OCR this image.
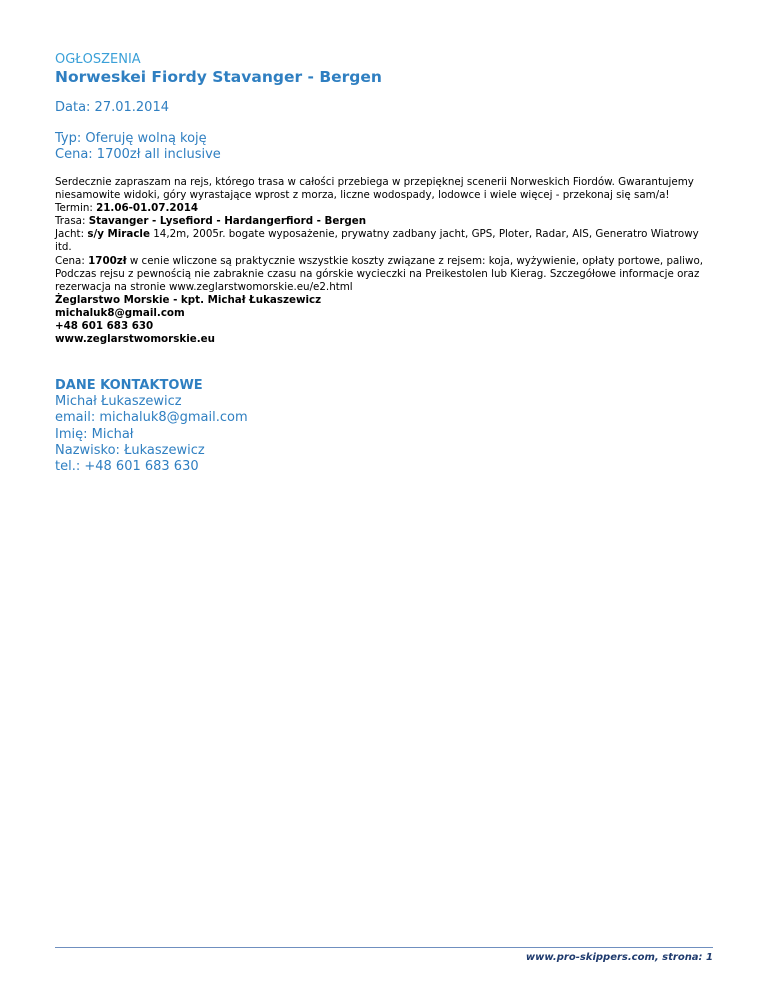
OGŁOSZENIA
Norweskei Fiordy Stavanger - Bergen
Data: 27.01.2014
Typ: Oferuję wolną koję
Cena: 1700zł all inclusive

Serdecznie zapraszam na rejs, którego trasa w całości przebiega w przepięknej scenerii Norweskich Fiordów. Gwarantujemy niesamowite widoki, góry wyrastające wprost z morza, liczne wodospady, lodowce i wiele więcej - przekonaj się sam/a!

Termin: 21.06-01.07.2014

Trasa: Stavanger - Lysefiord - Hardangerfiord - Bergen

Jacht: s/y Miracle 14,2m, 2005r. bogate wyposażenie, prywatny zadbany jacht, GPS, Ploter, Radar, AIS, Generatro Wiatrowy itd.

Cena: 1700zł w cenie wliczone są praktycznie wszystkie koszty związane z rejsem: koja, wyżywienie, opłaty portowe, paliwo,

Podczas rejsu z pewnością nie zabraknie czasu na górskie wycieczki na Preikestolen lub Kierag. Szczegółowe informacje oraz rezerwacja na stronie www.zeglarstwomorskie.eu/e2.html

Żeglarstwo Morskie - kpt. Michał Łukaszewicz

michaluk8@gmail.com

+48 601 683 630

www.zeglarstwomorskie.eu

DANE KONTAKTOWE
Michał Łukaszewicz
email: michaluk8@gmail.com
Imię: Michał
Nazwisko: Łukaszewicz
tel.: +48 601 683 630
www.pro-skippers.com, strona: 1
